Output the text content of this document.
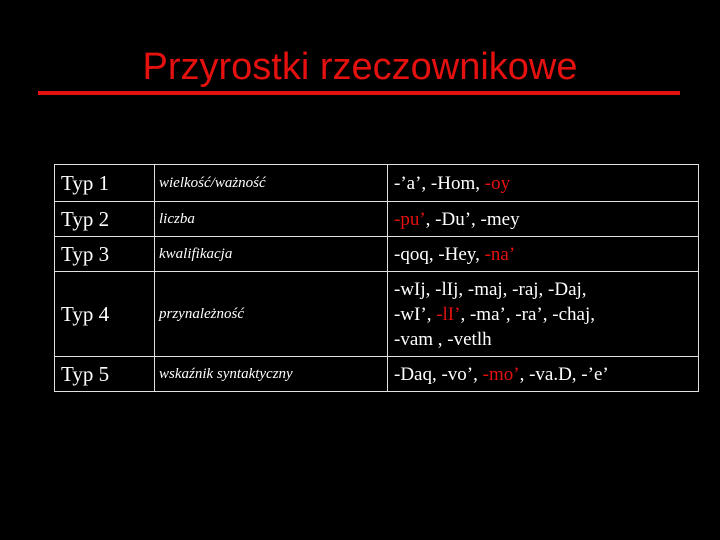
Przyrostki rzeczownikowe
Typ 1	wielkość/ważność	-’a’, -Hom, -oy
Typ 2	liczba	-pu’, -Du’, -mey
Typ 3	kwalifikacja	-qoq, -Hey, -na’
Typ 4	przynależność	-wIj, -lIj, -maj, -raj, -Daj,
-wI’, -lI’, -ma’, -ra’, -chaj,
-vam , -vetlh
Typ 5	wskaźnik syntaktyczny	-Daq, -vo’, -mo’, -va.D, -’e’
